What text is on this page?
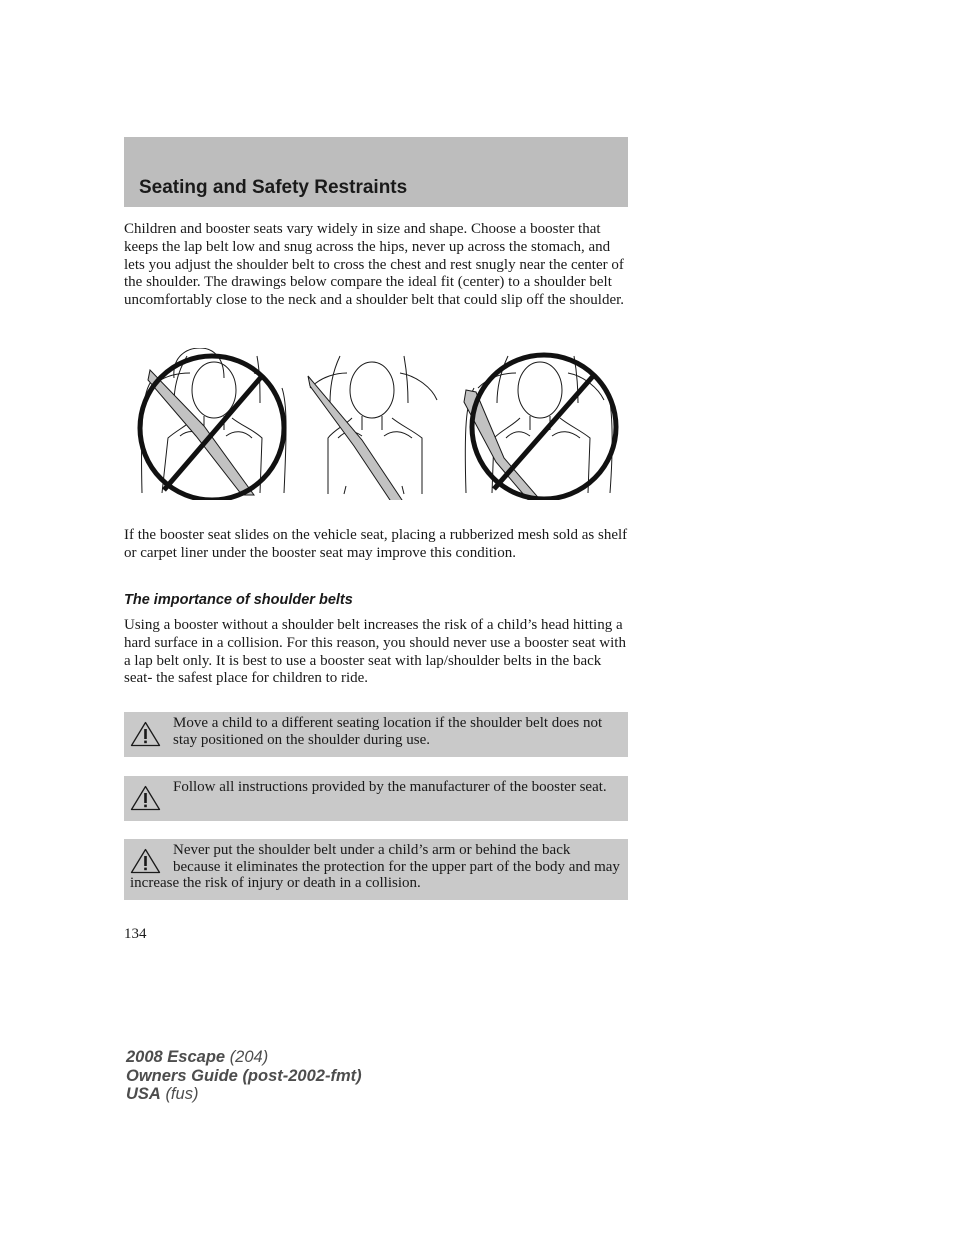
Seating and Safety Restraints

Children and booster seats vary widely in size and shape. Choose a booster that keeps the lap belt low and snug across the hips, never up across the stomach, and lets you adjust the shoulder belt to cross the chest and rest snugly near the center of the shoulder. The drawings below compare the ideal fit (center) to a shoulder belt uncomfortably close to the neck and a shoulder belt that could slip off the shoulder.

If the booster seat slides on the vehicle seat, placing a rubberized mesh sold as shelf or carpet liner under the booster seat may improve this condition.

The importance of shoulder belts

Using a booster without a shoulder belt increases the risk of a child’s head hitting a hard surface in a collision. For this reason, you should never use a booster seat with a lap belt only. It is best to use a booster seat with lap/shoulder belts in the back seat- the safest place for children to ride.

Move a child to a different seating location if the shoulder belt does not stay positioned on the shoulder during use.
Follow all instructions provided by the manufacturer of the booster seat.
Never put the shoulder belt under a child’s arm or behind the back because it eliminates the protection for the upper part of the body and may increase the risk of injury or death in a collision.
134
2008 Escape (204)
Owners Guide (post-2002-fmt)
USA (fus)
